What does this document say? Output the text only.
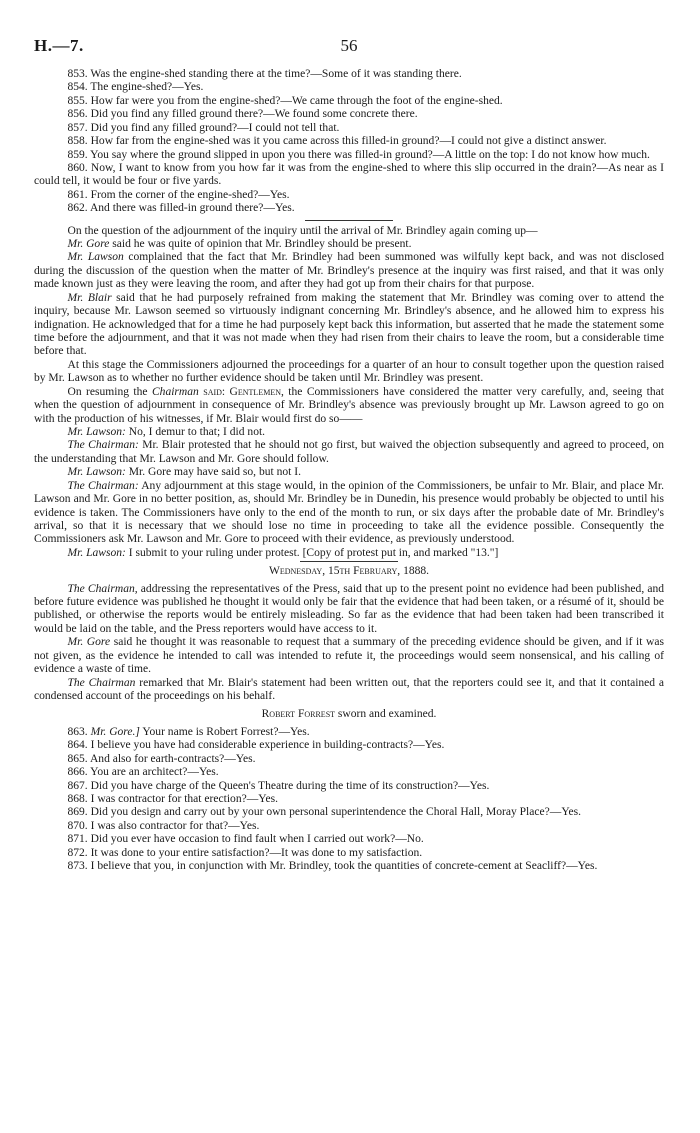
H.—7.	56

853. Was the engine-shed standing there at the time?—Some of it was standing there.

854. The engine-shed?—Yes.

855. How far were you from the engine-shed?—We came through the foot of the engine-shed.

856. Did you find any filled ground there?—We found some concrete there.

857. Did you find any filled ground?—I could not tell that.

858. How far from the engine-shed was it you came across this filled-in ground?—I could not give a distinct answer.

859. You say where the ground slipped in upon you there was filled-in ground?—A little on the top: I do not know how much.

860. Now, I want to know from you how far it was from the engine-shed to where this slip occurred in the drain?—As near as I could tell, it would be four or five yards.

861. From the corner of the engine-shed?—Yes.

862. And there was filled-in ground there?—Yes.

On the question of the adjournment of the inquiry until the arrival of Mr. Brindley again coming up—

Mr. Gore said he was quite of opinion that Mr. Brindley should be present.

Mr. Lawson complained that the fact that Mr. Brindley had been summoned was wilfully kept back, and was not disclosed during the discussion of the question when the matter of Mr. Brindley's presence at the inquiry was first raised, and that it was only made known just as they were leaving the room, and after they had got up from their chairs for that purpose.

Mr. Blair said that he had purposely refrained from making the statement that Mr. Brindley was coming over to attend the inquiry, because Mr. Lawson seemed so virtuously indignant concerning Mr. Brindley's absence, and he allowed him to express his indignation. He acknowledged that for a time he had purposely kept back this information, but asserted that he made the statement some time before the adjournment, and that it was not made when they had risen from their chairs to leave the room, but a considerable time before that.

At this stage the Commissioners adjourned the proceedings for a quarter of an hour to consult together upon the question raised by Mr. Lawson as to whether no further evidence should be taken until Mr. Brindley was present.

On resuming the Chairman said: Gentlemen, the Commissioners have considered the matter very carefully, and, seeing that when the question of adjournment in consequence of Mr. Brindley's absence was previously brought up Mr. Lawson agreed to go on with the production of his witnesses, if Mr. Blair would first do so——

Mr. Lawson: No, I demur to that; I did not.

The Chairman: Mr. Blair protested that he should not go first, but waived the objection subsequently and agreed to proceed, on the understanding that Mr. Lawson and Mr. Gore should follow.

Mr. Lawson: Mr. Gore may have said so, but not I.

The Chairman: Any adjournment at this stage would, in the opinion of the Commissioners, be unfair to Mr. Blair, and place Mr. Lawson and Mr. Gore in no better position, as, should Mr. Brindley be in Dunedin, his presence would probably be objected to until his evidence is taken. The Commissioners have only to the end of the month to run, or six days after the probable date of Mr. Brindley's arrival, so that it is necessary that we should lose no time in proceeding to take all the evidence possible. Consequently the Commissioners ask Mr. Lawson and Mr. Gore to proceed with their evidence, as previously understood.

Mr. Lawson: I submit to your ruling under protest. [Copy of protest put in, and marked "13."]

Wednesday, 15th February, 1888.

The Chairman, addressing the representatives of the Press, said that up to the present point no evidence had been published, and before future evidence was published he thought it would only be fair that the evidence that had been taken, or a résumé of it, should be published, or otherwise the reports would be entirely misleading. So far as the evidence that had been taken had been transcribed it would be laid on the table, and the Press reporters would have access to it.

Mr. Gore said he thought it was reasonable to request that a summary of the preceding evidence should be given, and if it was not given, as the evidence he intended to call was intended to refute it, the proceedings would seem nonsensical, and his calling of evidence a waste of time.

The Chairman remarked that Mr. Blair's statement had been written out, that the reporters could see it, and that it contained a condensed account of the proceedings on his behalf.

Robert Forrest sworn and examined.

863. Mr. Gore.] Your name is Robert Forrest?—Yes.

864. I believe you have had considerable experience in building-contracts?—Yes.

865. And also for earth-contracts?—Yes.

866. You are an architect?—Yes.

867. Did you have charge of the Queen's Theatre during the time of its construction?—Yes.

868. I was contractor for that erection?—Yes.

869. Did you design and carry out by your own personal superintendence the Choral Hall, Moray Place?—Yes.

870. I was also contractor for that?—Yes.

871. Did you ever have occasion to find fault when I carried out work?—No.

872. It was done to your entire satisfaction?—It was done to my satisfaction.

873. I believe that you, in conjunction with Mr. Brindley, took the quantities of concrete-cement at Seacliff?—Yes.
